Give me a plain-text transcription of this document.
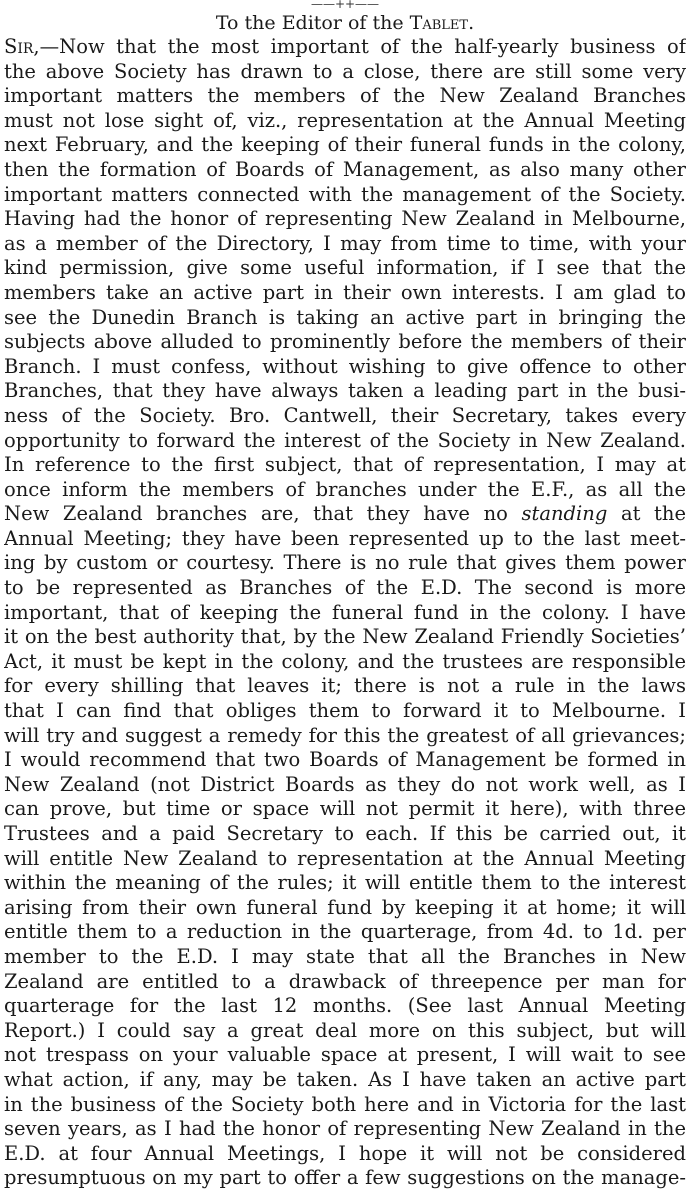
——++——
To the Editor of the Tablet.
Sir,—Now that the most important of the half-yearly business of
the above Society has drawn to a close, there are still some very
important matters the members of the New Zealand Branches
must not lose sight of, viz., representation at the Annual Meeting
next February, and the keeping of their funeral funds in the colony,
then the formation of Boards of Management, as also many other
important matters connected with the management of the Society.
Having had the honor of representing New Zealand in Melbourne,
as a member of the Directory, I may from time to time, with your
kind permission, give some useful information, if I see that the
members take an active part in their own interests. I am glad to
see the Dunedin Branch is taking an active part in bringing the
subjects above alluded to prominently before the members of their
Branch. I must confess, without wishing to give offence to other
Branches, that they have always taken a leading part in the busi-
ness of the Society. Bro. Cantwell, their Secretary, takes every
opportunity to forward the interest of the Society in New Zealand.
In reference to the first subject, that of representation, I may at
once inform the members of branches under the E.F., as all the
New Zealand branches are, that they have no standing at the
Annual Meeting; they have been represented up to the last meet-
ing by custom or courtesy. There is no rule that gives them power
to be represented as Branches of the E.D. The second is more
important, that of keeping the funeral fund in the colony. I have
it on the best authority that, by the New Zealand Friendly Societies’
Act, it must be kept in the colony, and the trustees are responsible
for every shilling that leaves it; there is not a rule in the laws
that I can find that obliges them to forward it to Melbourne. I
will try and suggest a remedy for this the greatest of all grievances;
I would recommend that two Boards of Management be formed in
New Zealand (not District Boards as they do not work well, as I
can prove, but time or space will not permit it here), with three
Trustees and a paid Secretary to each. If this be carried out, it
will entitle New Zealand to representation at the Annual Meeting
within the meaning of the rules; it will entitle them to the interest
arising from their own funeral fund by keeping it at home; it will
entitle them to a reduction in the quarterage, from 4d. to 1d. per
member to the E.D. I may state that all the Branches in New
Zealand are entitled to a drawback of threepence per man for
quarterage for the last 12 months. (See last Annual Meeting
Report.) I could say a great deal more on this subject, but will
not trespass on your valuable space at present, I will wait to see
what action, if any, may be taken. As I have taken an active part
in the business of the Society both here and in Victoria for the last
seven years, as I had the honor of representing New Zealand in the
E.D. at four Annual Meetings, I hope it will not be considered
presumptuous on my part to offer a few suggestions on the manage-
